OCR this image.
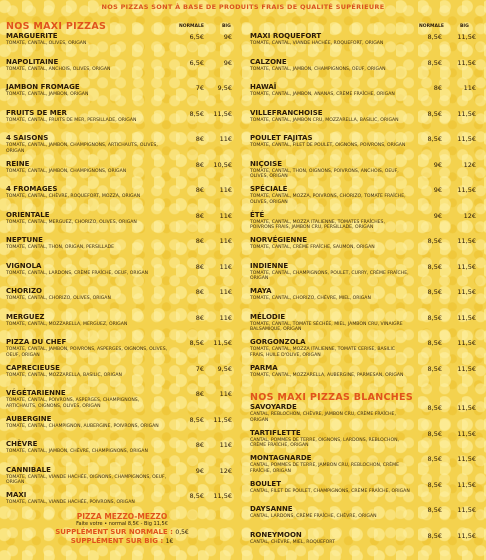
NOS PIZZAS SONT À BASE DE PRODUITS FRAIS DE QUALITÉ SUPÉRIEURE
NOS MAXI PIZZAS	NORMALE	BIG
MARGUERITE
TOMATE, CANTAL, OLIVES, ORIGAN
6,5€	9€
NAPOLITAINE
TOMATE, CANTAL, ANCHOIS, OLIVES, ORIGAN
6,5€	9€
JAMBON FROMAGE
TOMATE, CANTAL, JAMBON, ORIGAN
7€ 9,5€
FRUITS DE MER
TOMATE, CANTAL, FRUITS DE MER, PERSILLADE, ORIGAN
8,5€ 11,5€
4 SAISONS
TOMATE, CANTAL, JAMBON, CHAMPIGNONS, ARTICHAUTS, OLIVES, ORIGAN
8€ 11€
REINE
TOMATE, CANTAL, JAMBON, CHAMPIGNONS, ORIGAN
8€ 10,5€
4 FROMAGES
TOMATE, CANTAL, CHÈVRE, ROQUEFORT, MOZZA, ORIGAN
8€ 11€
ORIENTALE
TOMATE, CANTAL, MERGUEZ, CHORIZO, OLIVES, ORIGAN
8€ 11€
NEPTUNE
TOMATE, CANTAL, THON, ORIGAN, PERSILLADE
8€ 11€
VIGNOLA
TOMATE, CANTAL, LARDONS, CRÈME FRAÎCHE, OEUF, ORIGAN
8€ 11€
CHORIZO
TOMATE, CANTAL, CHORIZO, OLIVES, ORIGAN
8€ 11€
MERGUEZ
TOMATE, CANTAL, MOZZARELLA, MERGUEZ, ORIGAN
8€ 11€
PIZZA DU CHEF
TOMATE, CANTAL, JAMBON, POIVRONS, ASPERGES, OIGNONS, OLIVES, OEUF, ORIGAN
8,5€ 11,5€
CAPRECIEUSE
TOMATE, CANTAL, MOZZARELLA, BASILIC, ORIGAN
7€ 9,5€
VÉGÉTARIENNE
TOMATE, CANTAL, POIVRONS, ASPERGES, CHAMPIGNONS, ARTICHAUTS, OIGNONS, OLIVES, ORIGAN
8€ 11€
AUBERGINE
TOMATE, CANTAL, CHAMPIGNON, AUBERGINE, POIVRONS, ORIGAN
8,5€ 11,5€
CHÈVRE
TOMATE, CANTAL, JAMBON, CHÈVRE, CHAMPIGNONS, ORIGAN
8€ 11€
CANNIBALE
TOMATE, CANTAL, VIANDE HACHÉE, OIGNONS, CHAMPIGNONS, OEUF, ORIGAN
9€ 12€
MAXI
TOMATE, CANTAL, VIANDE HACHÉE, POIVRONS, ORIGAN
8,5€ 11,5€
NORMALE	BIG
MAXI ROQUEFORT
TOMATE, CANTAL, VIANDE HACHÉE, ROQUEFORT, ORIGAN
8,5€ 11,5€
CALZONE
TOMATE, CANTAL, JAMBON, CHAMPIGNONS, OEUF, ORIGAN
8,5€ 11,5€
HAWAÏ
TOMATE, CANTAL, JAMBON, ANANAS, CRÈME FRAÎCHE, ORIGAN
8€	11€
VILLEFRANCHOISE
TOMATE, CANTAL, JAMBON CRU, MOZZARELLA, BASILIC, ORIGAN
8,5€ 11,5€
POULET FAJITAS
TOMATE, CANTAL, FILET DE POULET, OIGNONS, POIVRONS, ORIGAN
8,5€ 11,5€
NIÇOISE
TOMATE, CANTAL, THON, OIGNONS, POIVRONS, ANCHOIS, OEUF, OLIVES, ORIGAN
9€	12€
SPÉCIALE
TOMATE, CANTAL, MOZZA, POIVRONS, CHORIZO, TOMATE FRAÎCHE, OLIVES, ORIGAN
9€ 11,5€
ÉTÉ
TOMATE, CANTAL, MOZZA ITALIENNE, TOMATES FRAÎCHES, POIVRONS FRAIS, JAMBON CRU, PERSILLADE, ORIGAN
9€	12€
NORVÉGIENNE
TOMATE, CANTAL, CRÈME FRAÎCHE, SAUMON, ORIGAN
8,5€ 11,5€
INDIENNE
TOMATE, CANTAL, CHAMPIGNONS, POULET, CURRY, CRÈME FRAÎCHE, ORIGAN
8,5€ 11,5€
MAYA
TOMATE, CANTAL, CHORIZO, CHÈVRE, MIEL, ORIGAN
8,5€ 11,5€
MÉLODIE
TOMATE, CANTAL, TOMATE SÉCHÉE, MIEL, JAMBON CRU, VINAIGRE BALSAMIQUE, ORIGAN
8,5€ 11,5€
GORGONZOLA
TOMATE, CANTAL, MOZZA ITALIENNE, TOMATE CERISE, BASILIC FRAIS, HUILE D'OLIVE, ORIGAN
8,5€ 11,5€
PARMA
TOMATE, CANTAL, MOZZARELLA, AUBERGINE, PARMESAN, ORIGAN
8,5€ 11,5€
NOS MAXI PIZZAS BLANCHES
SAVOYARDE
CANTAL, REBLOCHON, CHÈVRE, JAMBON CRU, CRÈME FRAÎCHE, ORIGAN
8,5€ 11,5€
TARTIFLETTE
CANTAL, POMMES DE TERRE, OIGNONS, LARDONS, REBLOCHON, CRÈME FRAÎCHE, ORIGAN
8,5€ 11,5€
MONTAGNARDE
CANTAL, POMMES DE TERRE, JAMBON CRU, REBLOCHON, CRÈME FRAÎCHE, ORIGAN
8,5€ 11,5€
BOULET
CANTAL, FILET DE POULET, CHAMPIGNONS, CRÈME FRAÎCHE, ORIGAN
8,5€ 11,5€
DAYSANNE
CANTAL, LARDONS, CRÈME FRAÎCHE, CHÈVRE, ORIGAN
8,5€ 11,5€
RONEYMOON
CANTAL, CHÈVRE, MIEL, ROQUEFORT
8,5€ 11,5€
PIZZA MEZZO-MEZZO
Faite votre • normal 8,5€ - Big 11,5€
SUPPLÉMENT SUR NORMALE : 0,5€
SUPPLÉMENT SUR BIG : 1€
